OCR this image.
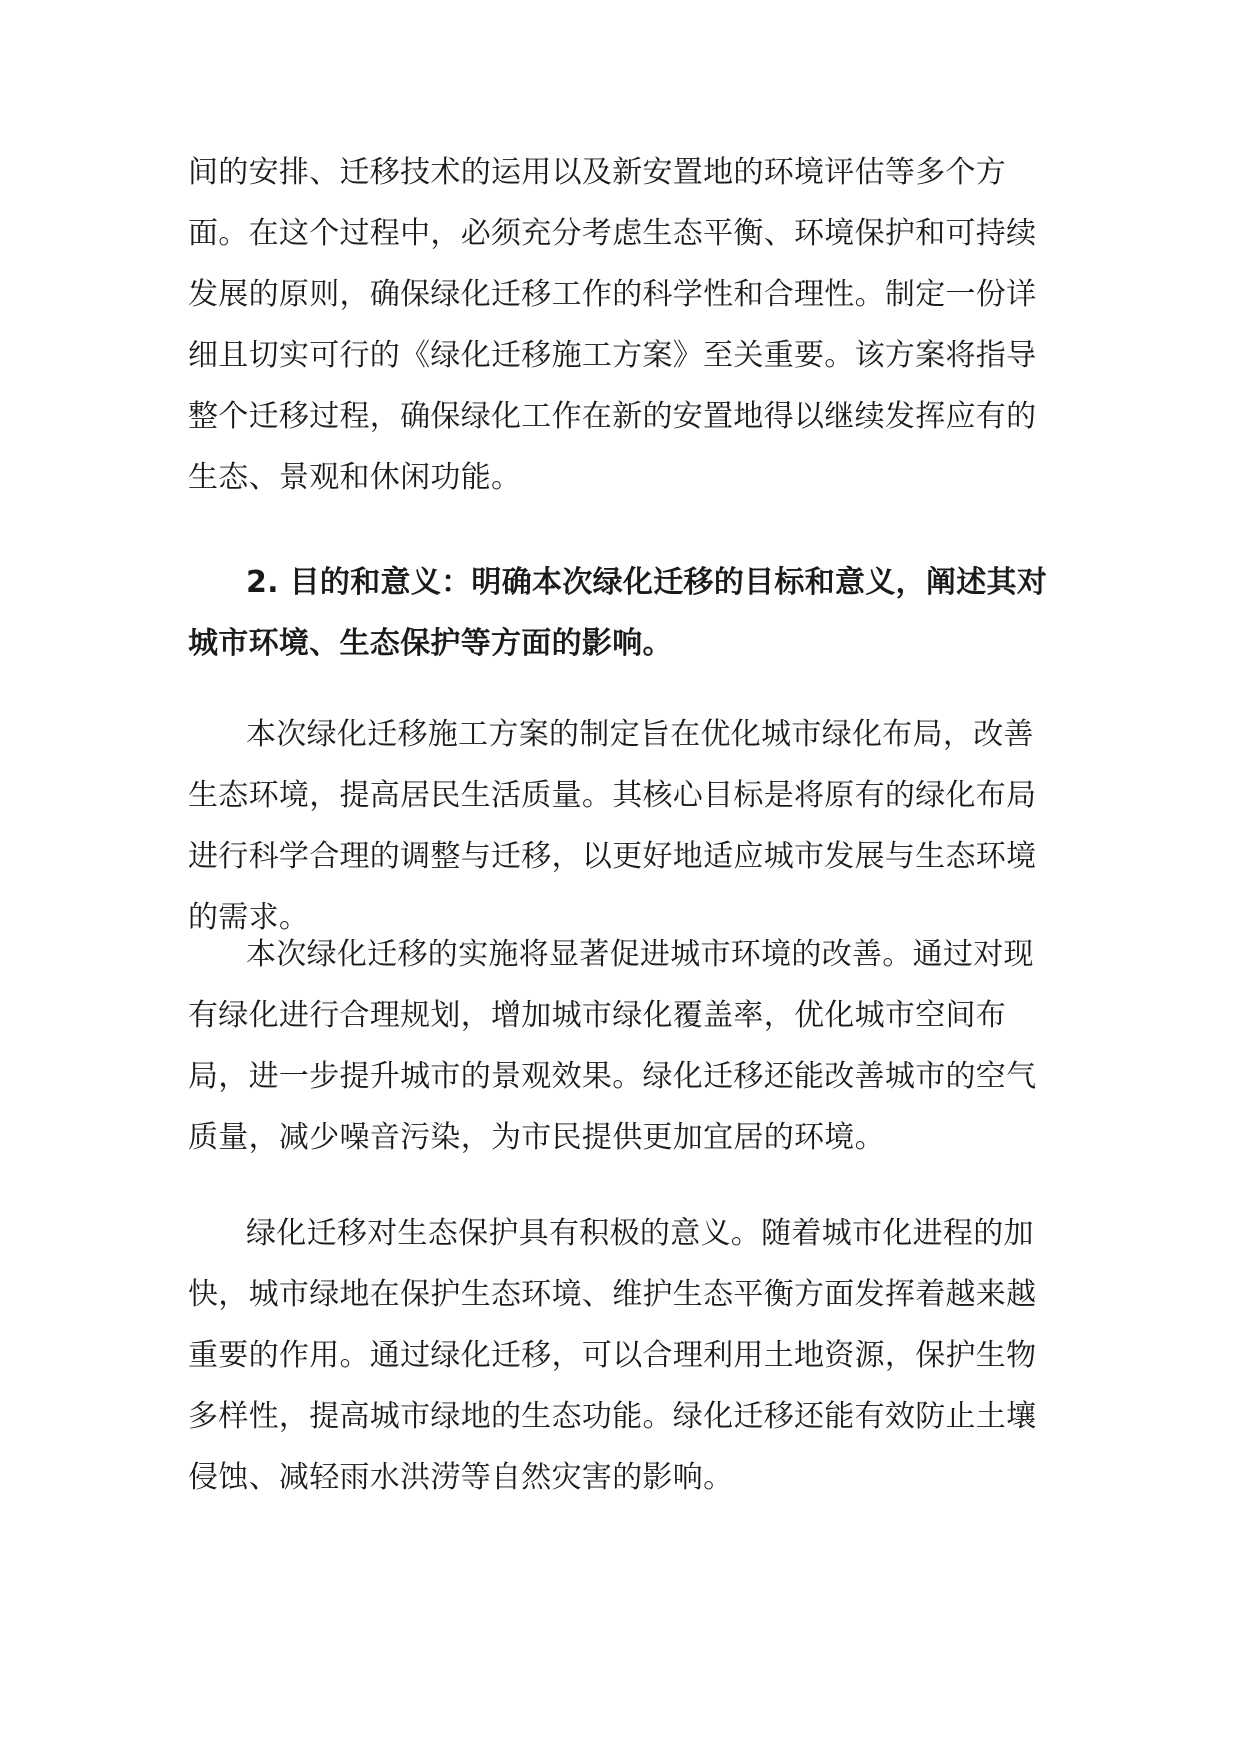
间的安排、迁移技术的运用以及新安置地的环境评估等多个方面。在这个过程中，必须充分考虑生态平衡、环境保护和可持续发展的原则，确保绿化迁移工作的科学性和合理性。制定一份详细且切实可行的《绿化迁移施工方案》至关重要。该方案将指导整个迁移过程，确保绿化工作在新的安置地得以继续发挥应有的生态、景观和休闲功能。

2. 目的和意义：明确本次绿化迁移的目标和意义，阐述其对城市环境、生态保护等方面的影响。

本次绿化迁移施工方案的制定旨在优化城市绿化布局，改善生态环境，提高居民生活质量。其核心目标是将原有的绿化布局进行科学合理的调整与迁移，以更好地适应城市发展与生态环境的需求。

本次绿化迁移的实施将显著促进城市环境的改善。通过对现有绿化进行合理规划，增加城市绿化覆盖率，优化城市空间布局，进一步提升城市的景观效果。绿化迁移还能改善城市的空气质量，减少噪音污染，为市民提供更加宜居的环境。

绿化迁移对生态保护具有积极的意义。随着城市化进程的加快，城市绿地在保护生态环境、维护生态平衡方面发挥着越来越重要的作用。通过绿化迁移，可以合理利用土地资源，保护生物多样性，提高城市绿地的生态功能。绿化迁移还能有效防止土壤侵蚀、减轻雨水洪涝等自然灾害的影响。
